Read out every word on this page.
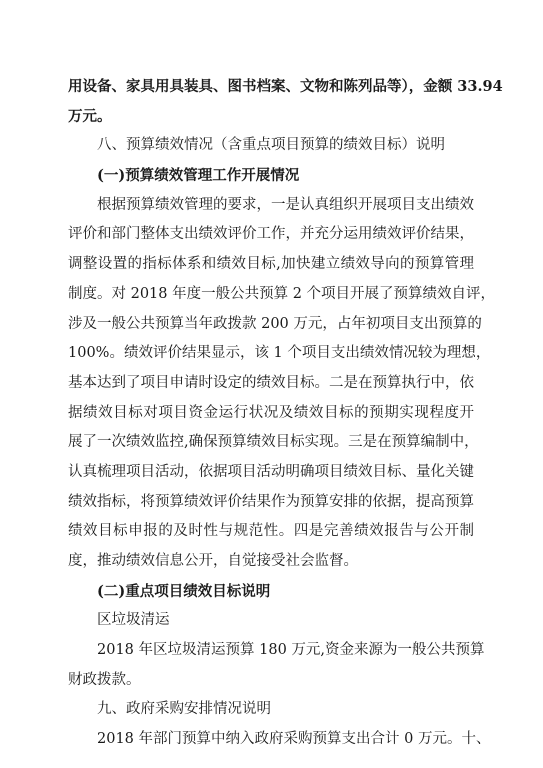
用设备、家具用具装具、图书档案、文物和陈列品等），金额 33.94
万元。
八、预算绩效情况（含重点项目预算的绩效目标）说明
(一)预算绩效管理工作开展情况
根据预算绩效管理的要求，一是认真组织开展项目支出绩效
评价和部门整体支出绩效评价工作，并充分运用绩效评价结果，
调整设置的指标体系和绩效目标,加快建立绩效导向的预算管理
制度。对 2018 年度一般公共预算 2 个项目开展了预算绩效自评，
涉及一般公共预算当年政拨款 200 万元，占年初项目支出预算的
100%。绩效评价结果显示，该 1 个项目支出绩效情况较为理想，
基本达到了项目申请时设定的绩效目标。二是在预算执行中，依
据绩效目标对项目资金运行状况及绩效目标的预期实现程度开
展了一次绩效监控,确保预算绩效目标实现。三是在预算编制中，
认真梳理项目活动，依据项目活动明确项目绩效目标、量化关键
绩效指标，将预算绩效评价结果作为预算安排的依据，提高预算
绩效目标申报的及时性与规范性。四是完善绩效报告与公开制
度，推动绩效信息公开，自觉接受社会监督。
(二)重点项目绩效目标说明
区垃圾清运
2018 年区垃圾清运预算 180 万元,资金来源为一般公共预算
财政拨款。
九、政府采购安排情况说明
2018 年部门预算中纳入政府采购预算支出合计 0 万元。十、
